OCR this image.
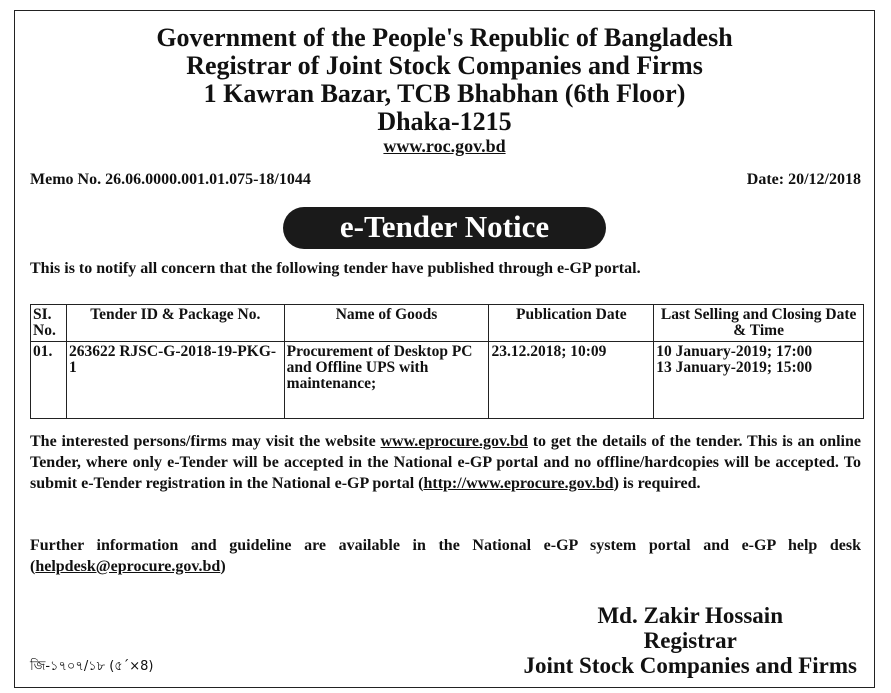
Government of the People's Republic of Bangladesh
Registrar of Joint Stock Companies and Firms
1 Kawran Bazar, TCB Bhabhan (6th Floor)
Dhaka-1215
www.roc.gov.bd
Memo No. 26.06.0000.001.01.075-18/1044	Date: 20/12/2018
e-Tender Notice
This is to notify all concern that the following tender have published through e-GP portal.
SI. No.	Tender ID & Package No.	Name of Goods	Publication Date	Last Selling and Closing Date & Time
01.	263622 RJSC-G-2018-19-PKG-1	Procurement of Desktop PC and Offline UPS with maintenance;	23.12.2018; 10:09	10 January-2019; 17:00
13 January-2019; 15:00
The interested persons/firms may visit the website www.eprocure.gov.bd to get the details of the tender. This is an online Tender, where only e-Tender will be accepted in the National e-GP portal and no offline/hardcopies will be accepted. To submit e-Tender registration in the National e-GP portal (http://www.eprocure.gov.bd) is required.
Further information and guideline are available in the National e-GP system portal and e-GP help desk (helpdesk@eprocure.gov.bd)
Md. Zakir Hossain
Registrar
Joint Stock Companies and Firms
জি-১৭০৭/১৮ (৫´×8)
